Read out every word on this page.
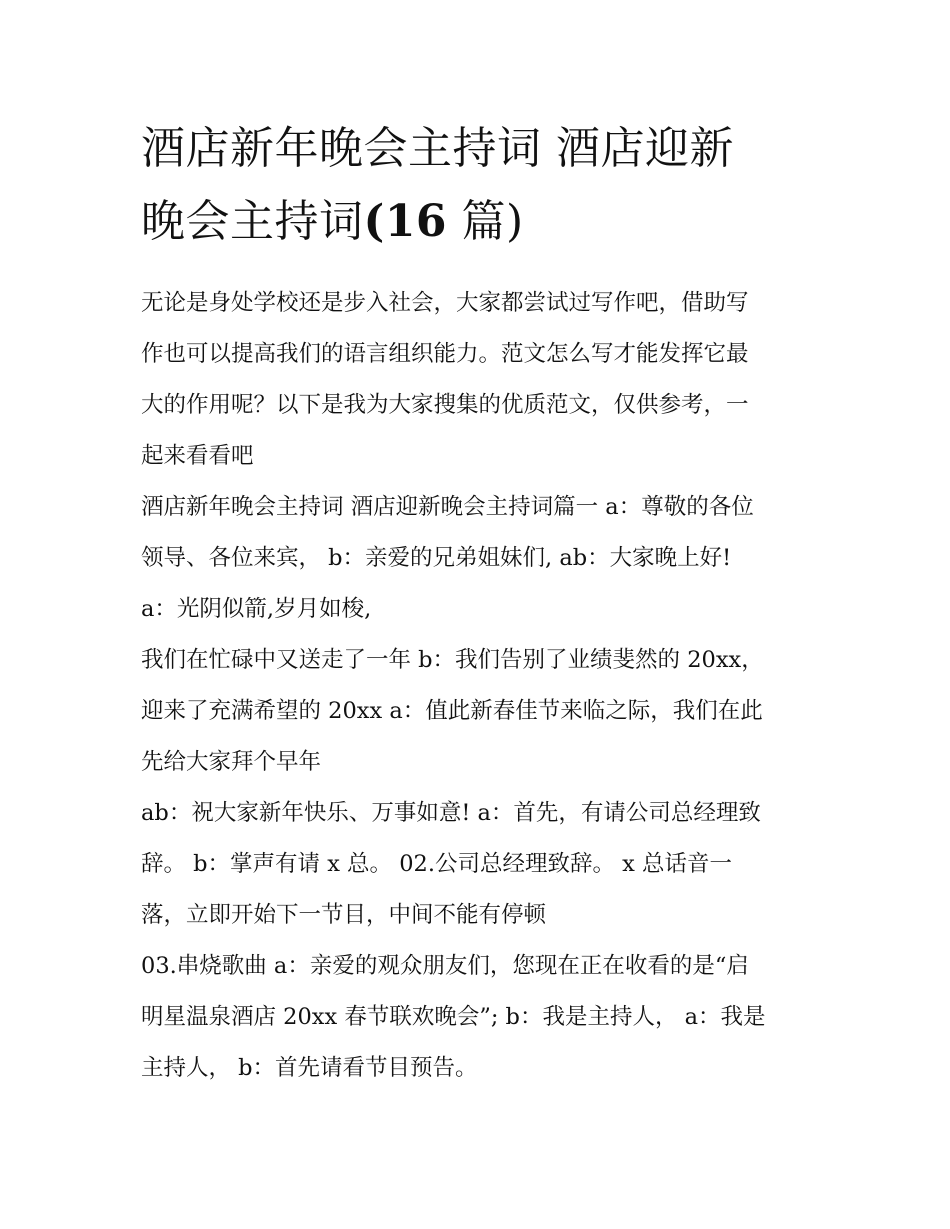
酒店新年晚会主持词 酒店迎新
晚会主持词(16 篇)
无论是身处学校还是步入社会，大家都尝试过写作吧，借助写
作也可以提高我们的语言组织能力。范文怎么写才能发挥它最
大的作用呢？以下是我为大家搜集的优质范文，仅供参考，一
起来看看吧
酒店新年晚会主持词 酒店迎新晚会主持词篇一 a：尊敬的各位
领导、各位来宾， b：亲爱的兄弟姐妹们, ab：大家晚上好!
a：光阴似箭,岁月如梭,
我们在忙碌中又送走了一年 b：我们告别了业绩斐然的 20xx，
迎来了充满希望的 20xx a：值此新春佳节来临之际，我们在此
先给大家拜个早年
ab：祝大家新年快乐、万事如意! a：首先，有请公司总经理致
辞。 b：掌声有请 x 总。 02.公司总经理致辞。 x 总话音一
落，立即开始下一节目，中间不能有停顿
03.串烧歌曲 a：亲爱的观众朋友们，您现在正在收看的是“启
明星温泉酒店 20xx 春节联欢晚会”; b：我是主持人， a：我是
主持人， b：首先请看节目预告。
